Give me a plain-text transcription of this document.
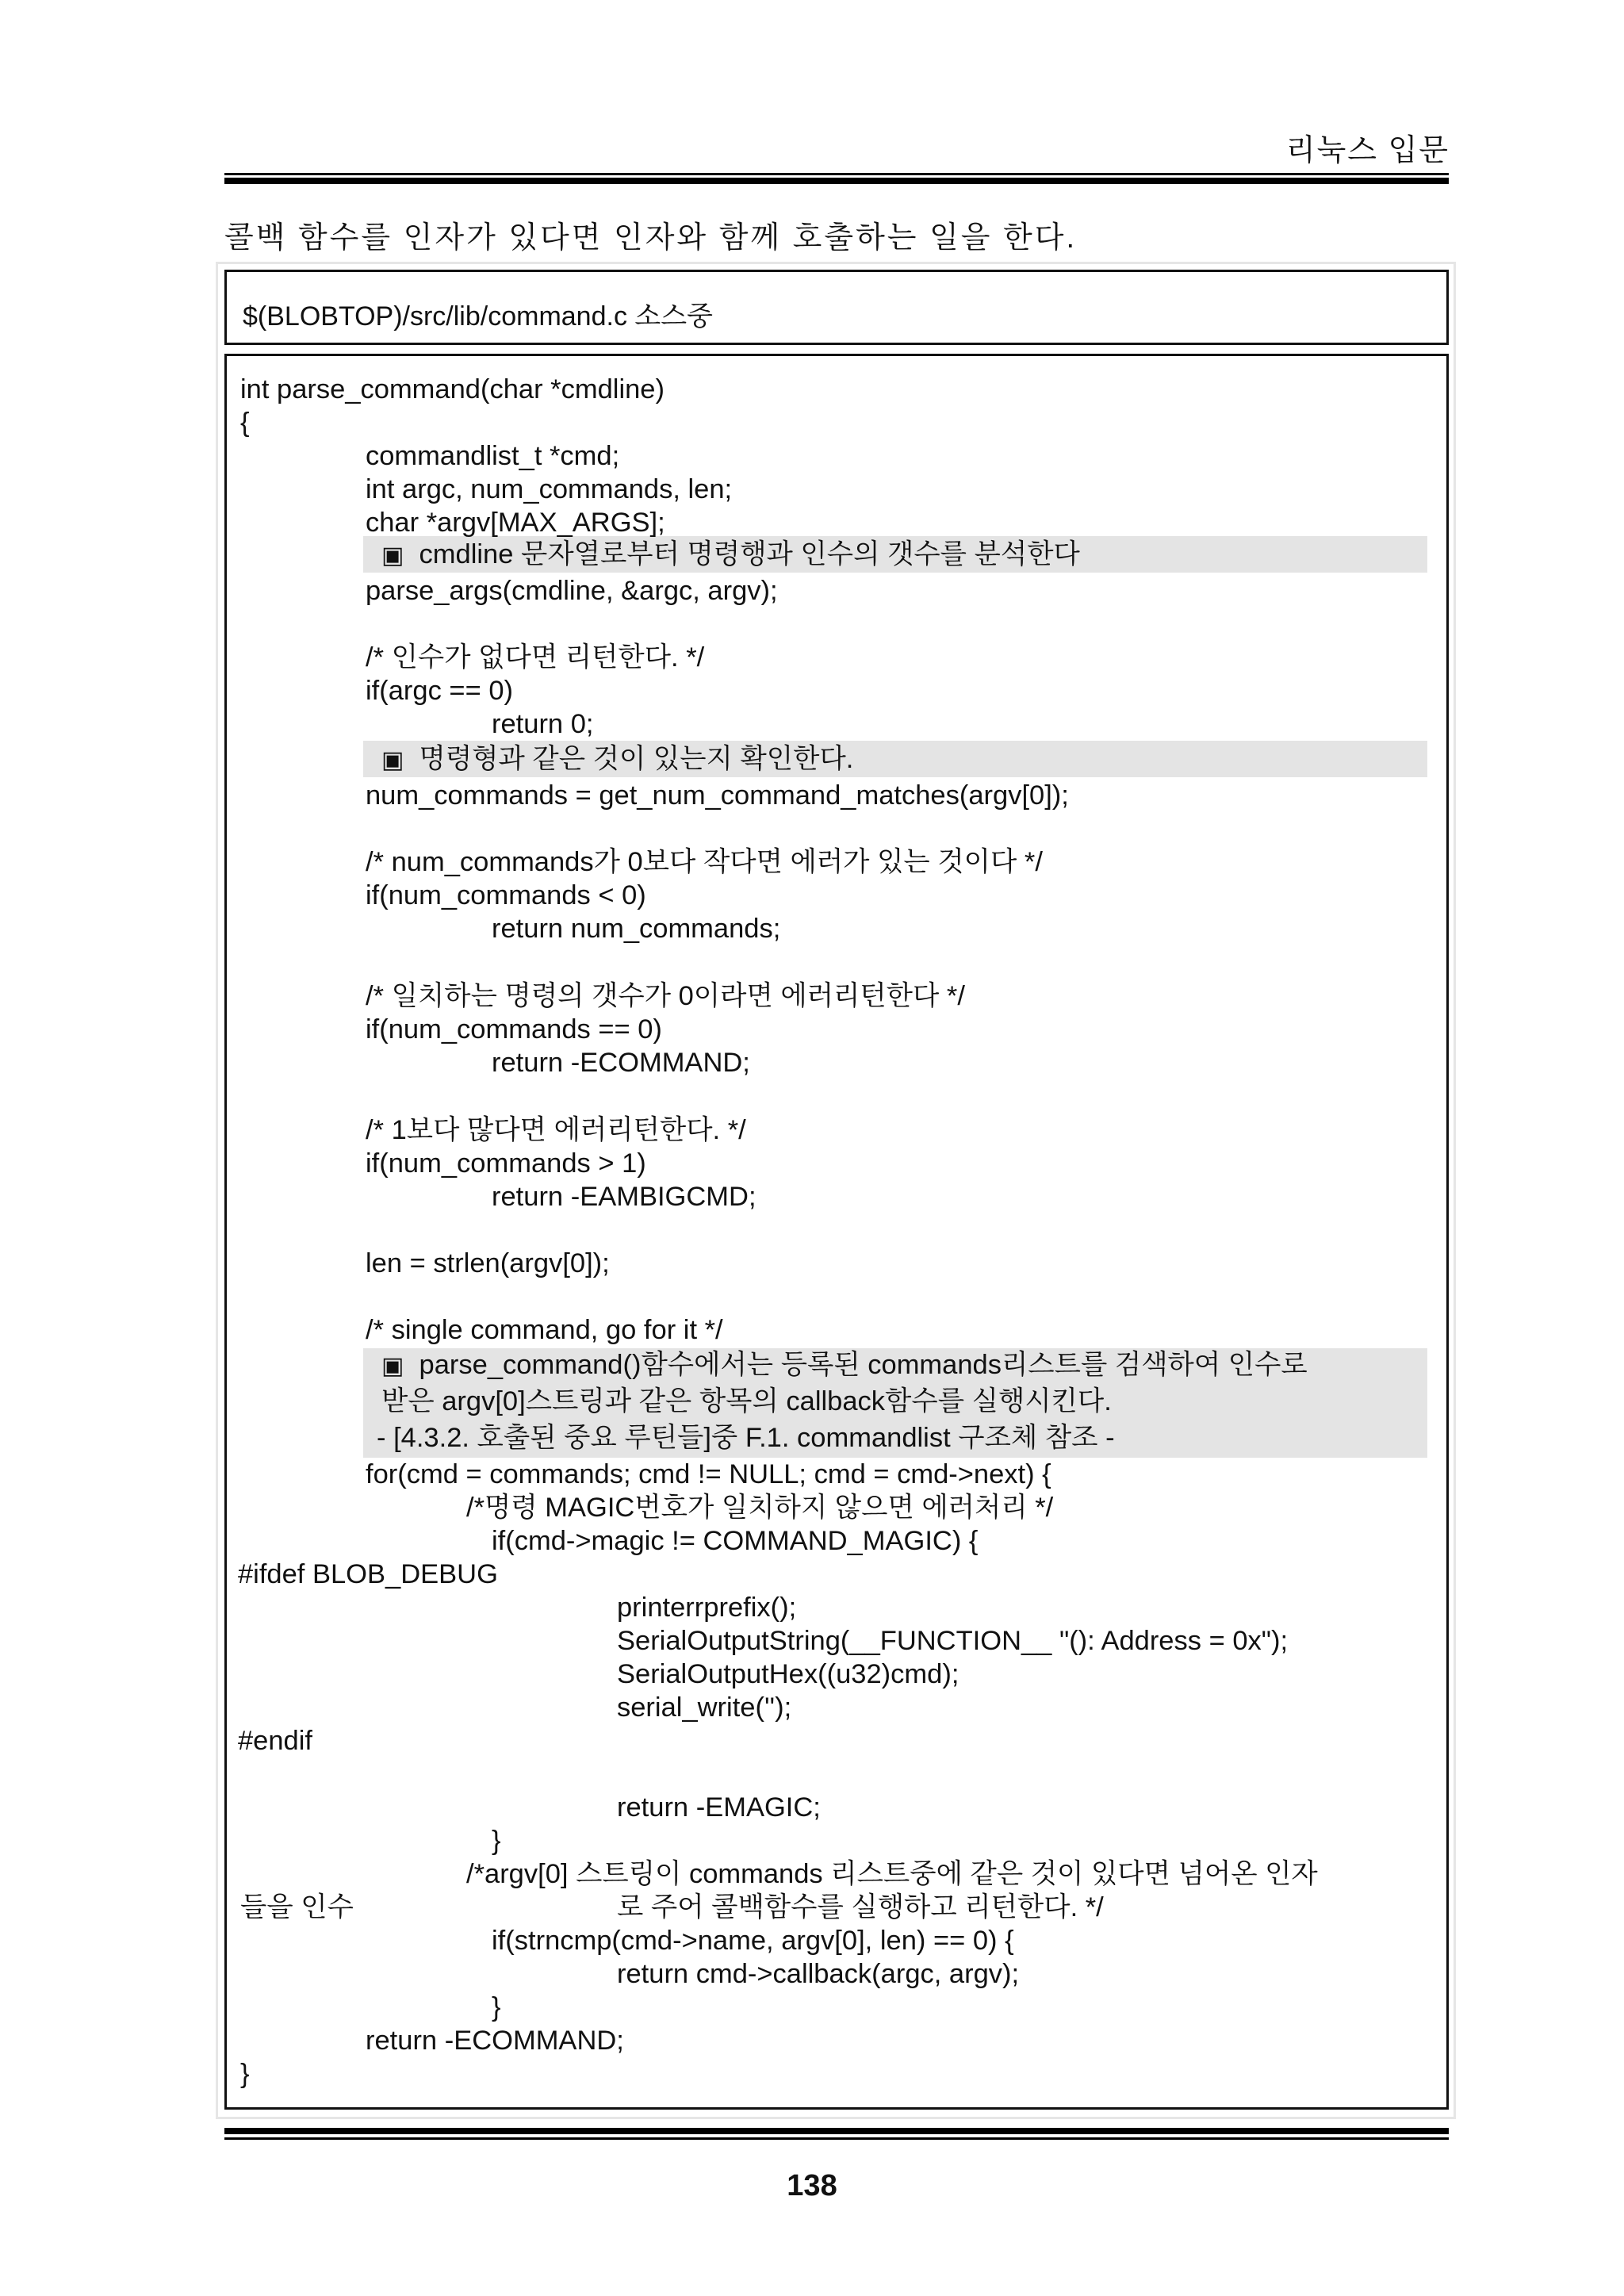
리눅스 입문
콜백 함수를 인자가 있다면 인자와 함께 호출하는 일을 한다.
$(BLOBTOP)/src/lib/command.c 소스중
int parse_command(char *cmdline)
{
commandlist_t *cmd;
int argc, num_commands, len;
char *argv[MAX_ARGS];
▣ cmdline 문자열로부터 명령행과 인수의 갯수를 분석한다
parse_args(cmdline, &argc, argv);
/* 인수가 없다면 리턴한다. */
if(argc == 0)
return 0;
▣ 명령형과 같은 것이 있는지 확인한다.
num_commands = get_num_command_matches(argv[0]);
/* num_commands가 0보다 작다면 에러가 있는 것이다 */
if(num_commands < 0)
return num_commands;
/* 일치하는 명령의 갯수가 0이라면 에러리턴한다 */
if(num_commands == 0)
return -ECOMMAND;
/* 1보다 많다면 에러리턴한다. */
if(num_commands > 1)
return -EAMBIGCMD;
len = strlen(argv[0]);
/* single command, go for it */
▣ parse_command()함수에서는 등록된 commands리스트를 검색하여 인수로
받은 argv[0]스트링과 같은 항목의 callback함수를 실행시킨다.
- [4.3.2. 호출된 중요 루틴들]중 F.1. commandlist 구조체 참조 -
for(cmd = commands; cmd != NULL; cmd = cmd->next) {
/*명령 MAGIC번호가 일치하지 않으면 에러처리 */
if(cmd->magic != COMMAND_MAGIC) {
#ifdef BLOB_DEBUG
printerrprefix();
SerialOutputString(__FUNCTION__ "(): Address = 0x");
SerialOutputHex((u32)cmd);
serial_write('');
#endif
return -EMAGIC;
}
/*argv[0] 스트링이 commands 리스트중에 같은 것이 있다면 넘어온 인자
들을 인수	로 주어 콜백함수를 실행하고 리턴한다. */
if(strncmp(cmd->name, argv[0], len) == 0) {
return cmd->callback(argc, argv);
}
return -ECOMMAND;
}
138
